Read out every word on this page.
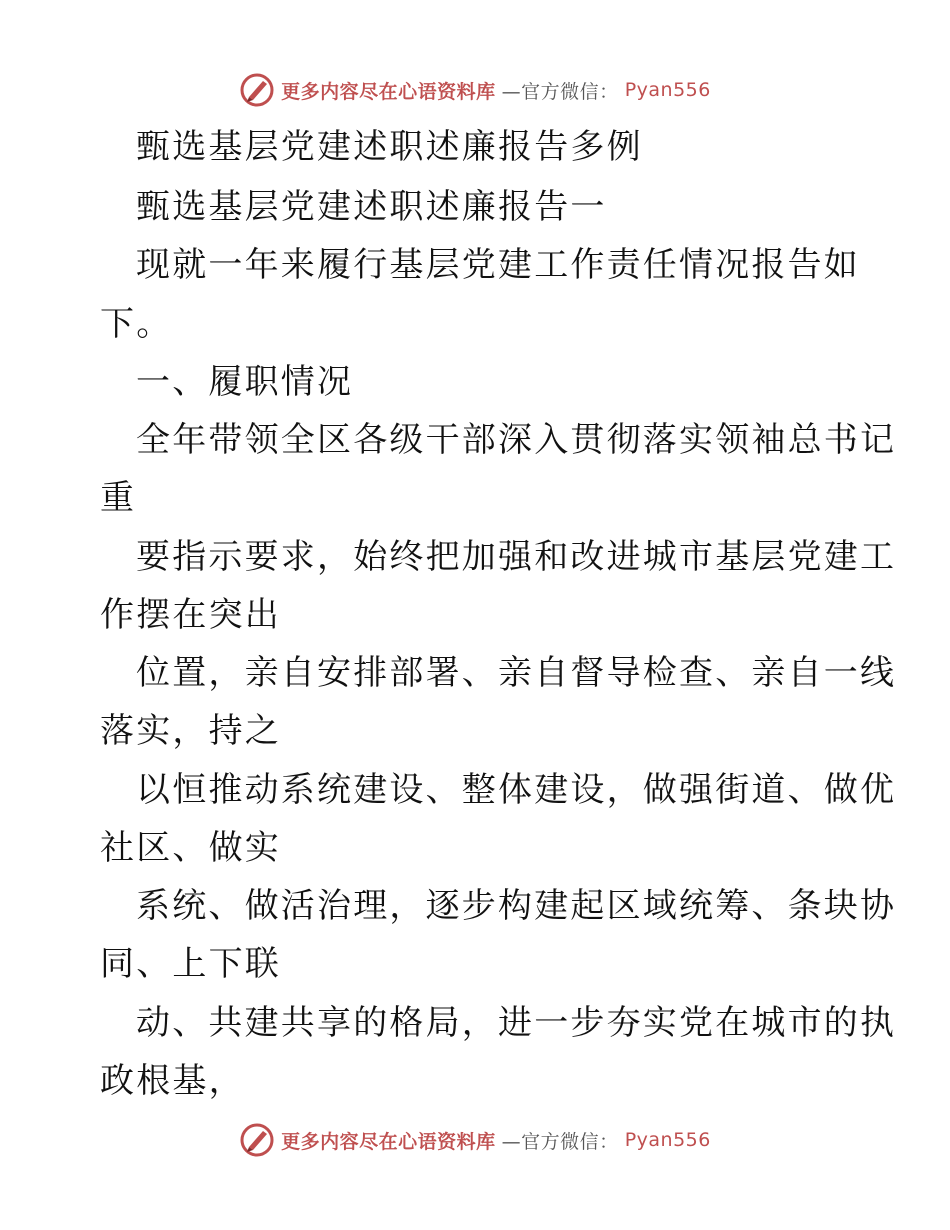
更多内容尽在心语资料库 —官方微信： Pyan556
甄选基层党建述职述廉报告多例
甄选基层党建述职述廉报告一
现就一年来履行基层党建工作责任情况报告如
下。
一、履职情况
全年带领全区各级干部深入贯彻落实领袖总书记
重
要指示要求，始终把加强和改进城市基层党建工
作摆在突出
位置，亲自安排部署、亲自督导检查、亲自一线
落实，持之
以恒推动系统建设、整体建设，做强街道、做优
社区、做实
系统、做活治理，逐步构建起区域统筹、条块协
同、上下联
动、共建共享的格局，进一步夯实党在城市的执
政根基，
更多内容尽在心语资料库 —官方微信： Pyan556
